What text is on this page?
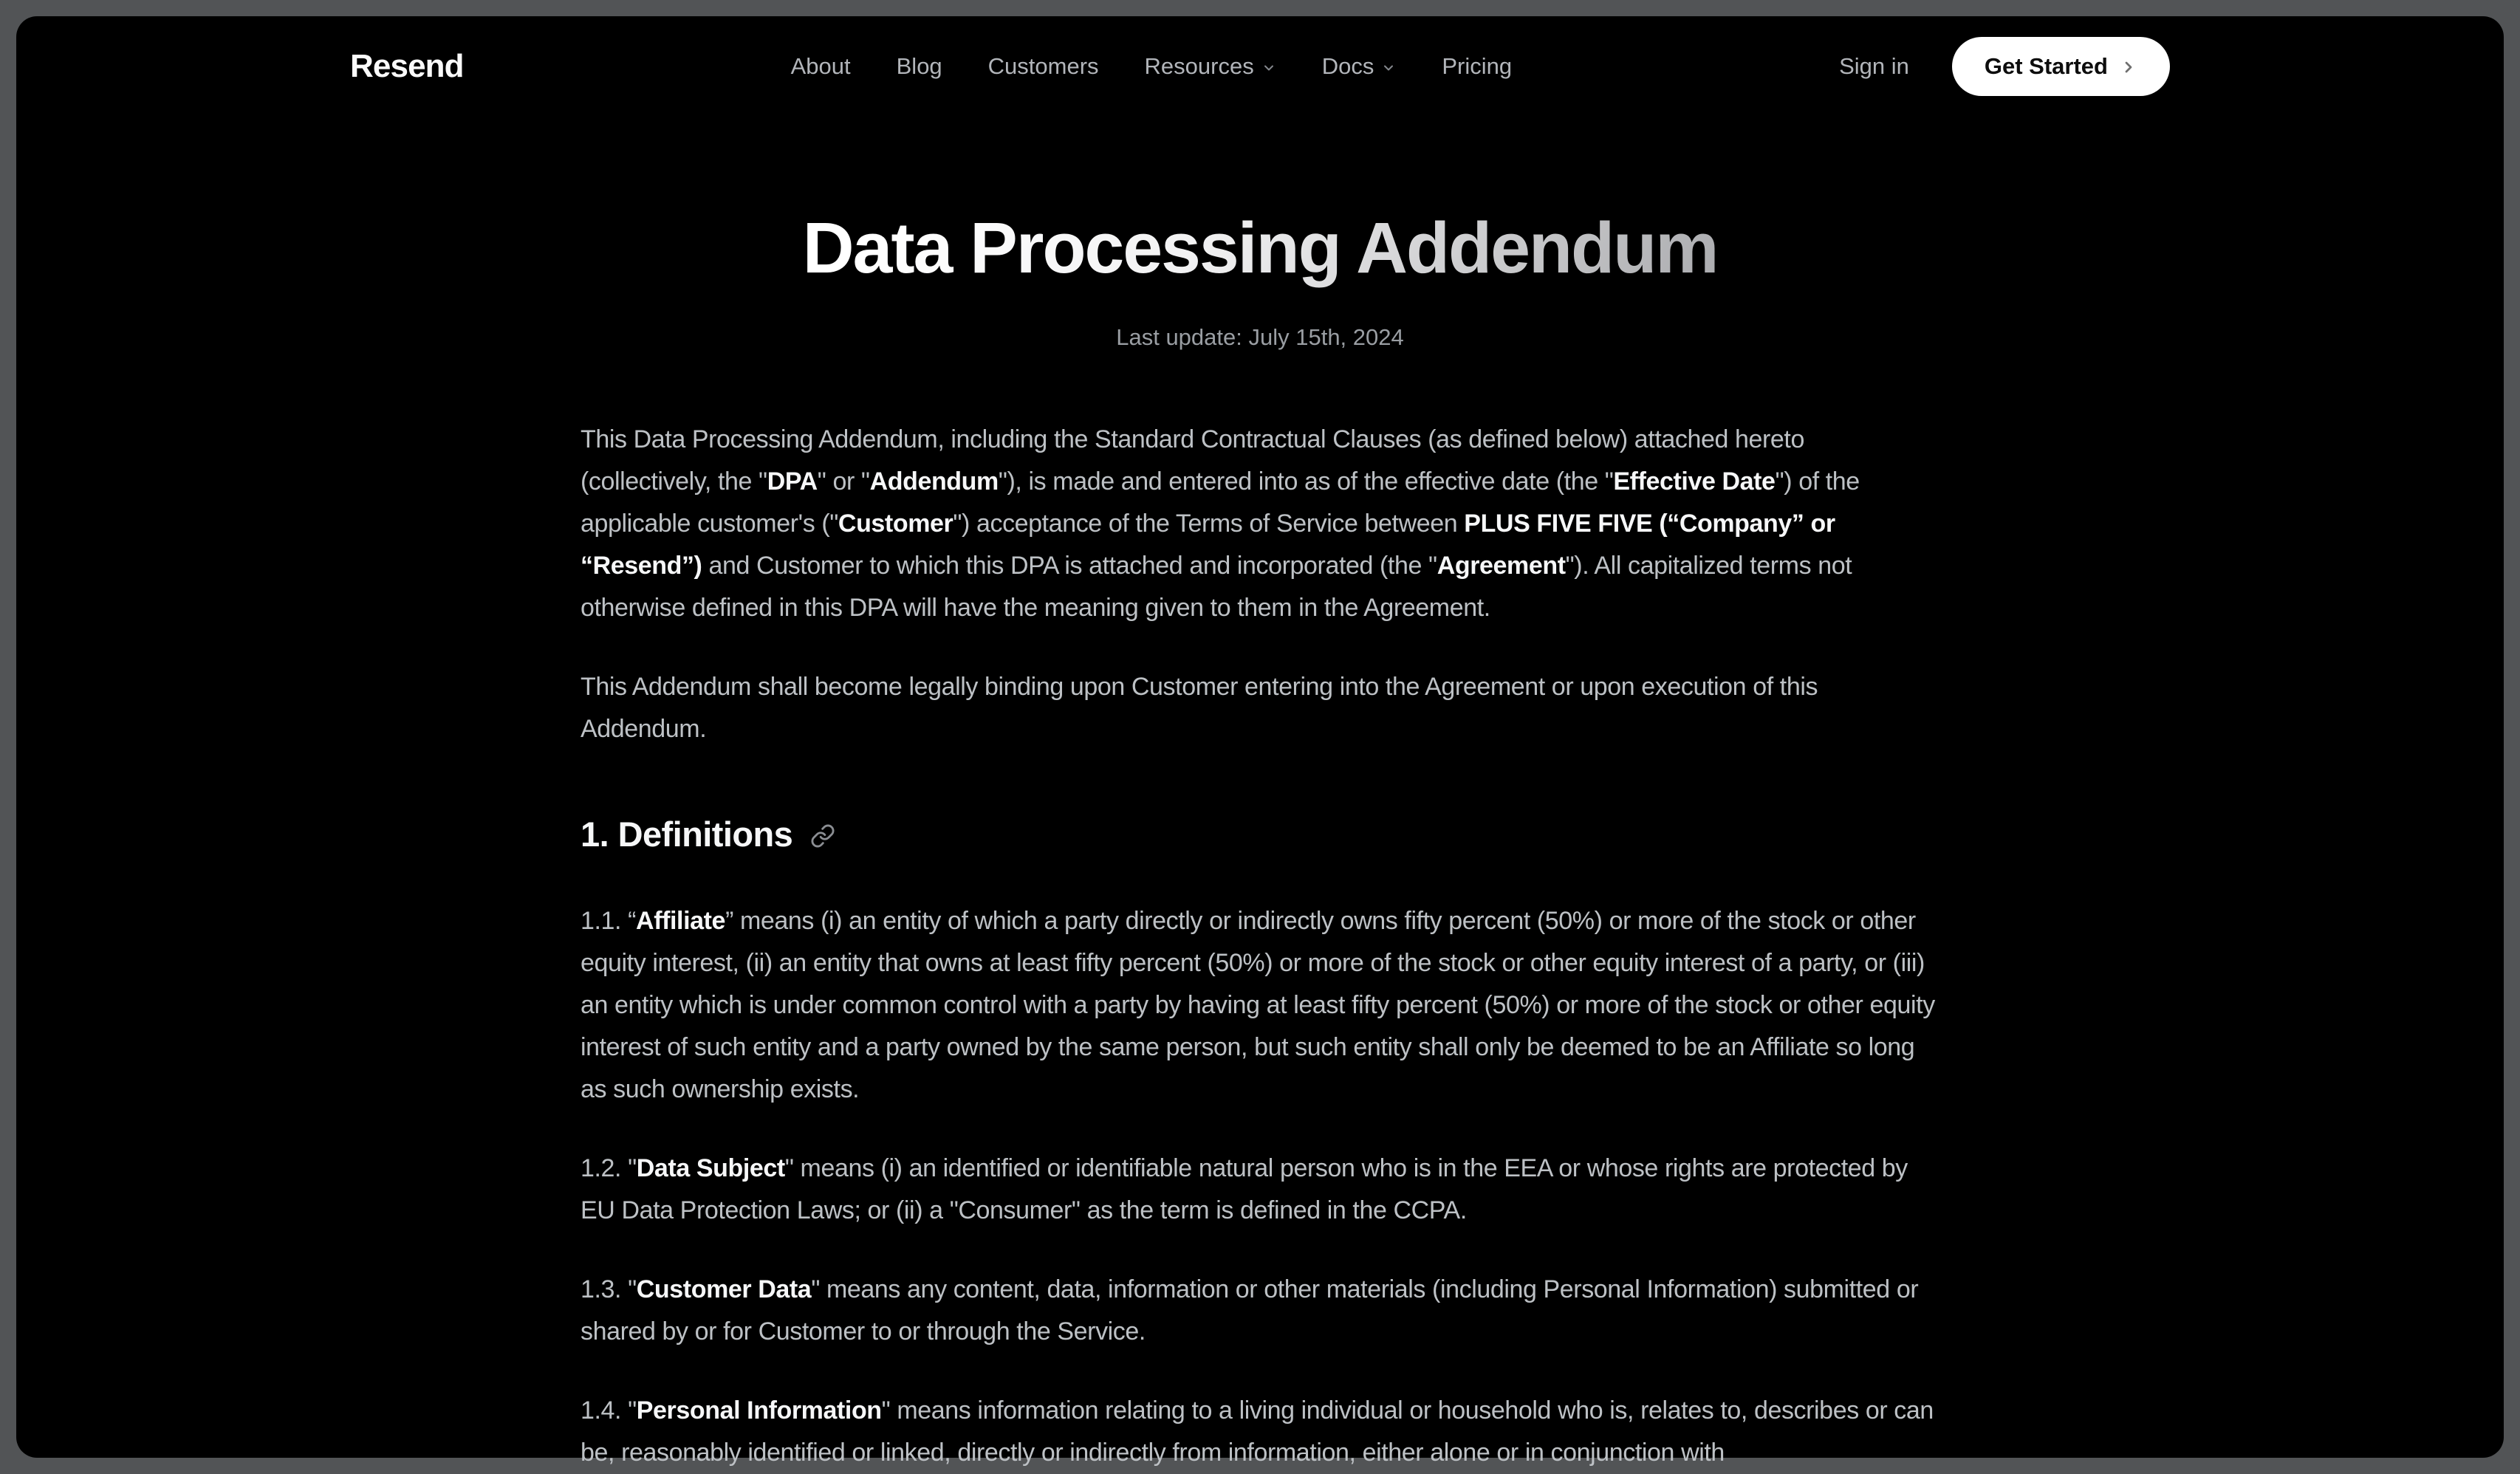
Resend	About Blog Customers Resources	Docs	Pricing	Sign in	Get Started
Data Processing Addendum

Last update: July 15th, 2024

This Data Processing Addendum, including the Standard Contractual Clauses (as defined below) attached hereto (collectively, the "DPA" or "Addendum"), is made and entered into as of the effective date (the "Effective Date") of the applicable customer's ("Customer") acceptance of the Terms of Service between PLUS FIVE FIVE (“Company” or “Resend”) and Customer to which this DPA is attached and incorporated (the "Agreement"). All capitalized terms not otherwise defined in this DPA will have the meaning given to them in the Agreement.

This Addendum shall become legally binding upon Customer entering into the Agreement or upon execution of this Addendum.

1. Definitions

1.1. “Affiliate” means (i) an entity of which a party directly or indirectly owns fifty percent (50%) or more of the stock or other equity interest, (ii) an entity that owns at least fifty percent (50%) or more of the stock or other equity interest of a party, or (iii) an entity which is under common control with a party by having at least fifty percent (50%) or more of the stock or other equity interest of such entity and a party owned by the same person, but such entity shall only be deemed to be an Affiliate so long as such ownership exists.

1.2. "Data Subject" means (i) an identified or identifiable natural person who is in the EEA or whose rights are protected by EU Data Protection Laws; or (ii) a "Consumer" as the term is defined in the CCPA.

1.3. "Customer Data" means any content, data, information or other materials (including Personal Information) submitted or shared by or for Customer to or through the Service.

1.4. "Personal Information" means information relating to a living individual or household who is, relates to, describes or can be, reasonably identified or linked, directly or indirectly from information, either alone or in conjunction with
